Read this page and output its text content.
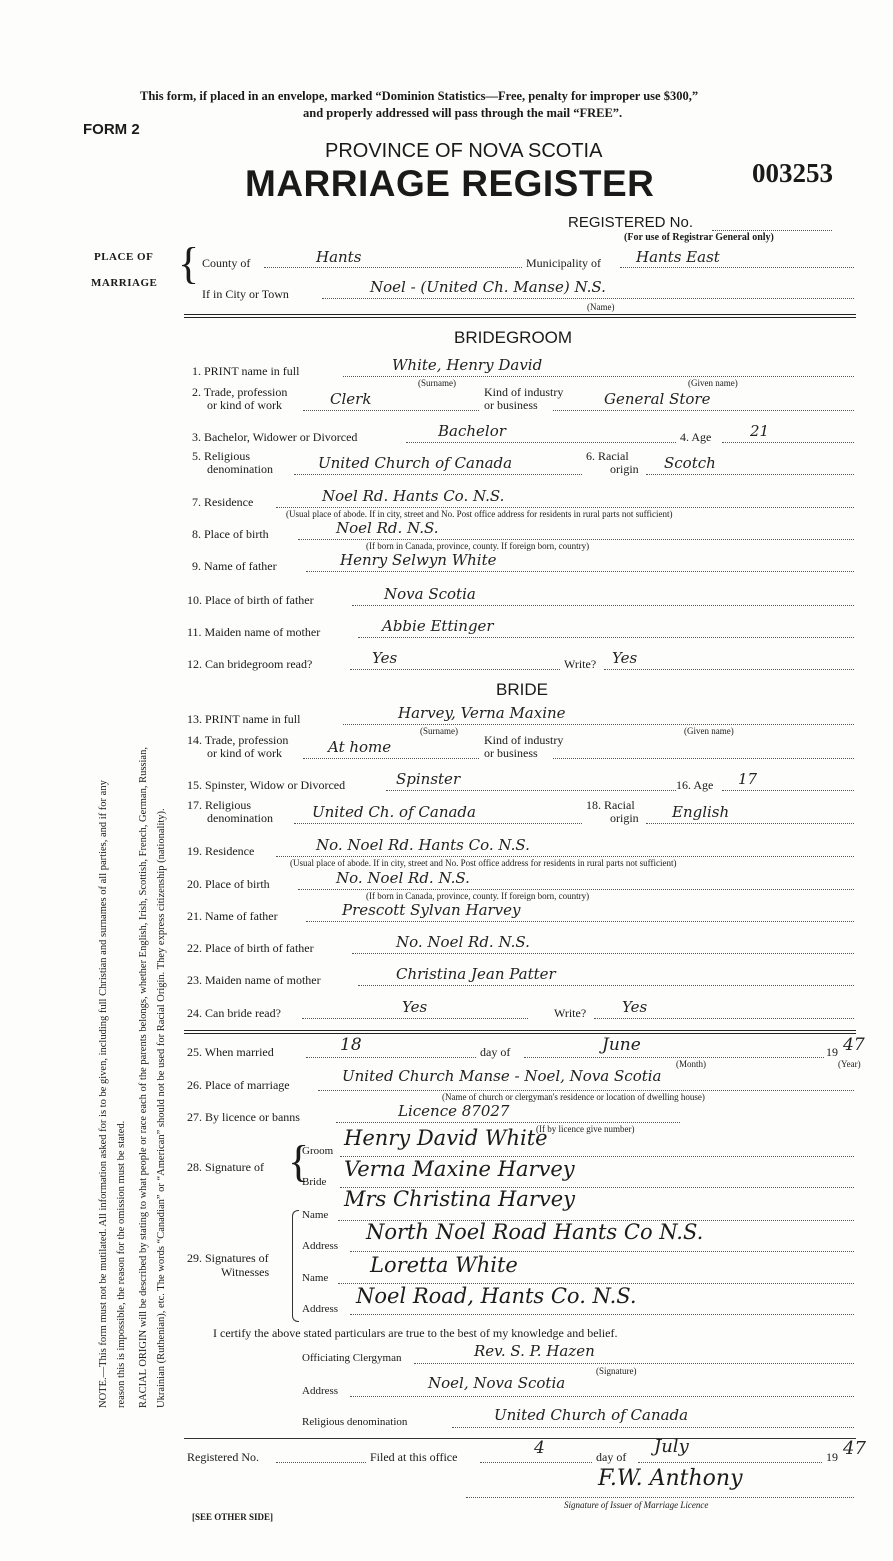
This form, if placed in an envelope, marked “Dominion Statistics—Free, penalty for improper use $300,”
and properly addressed will pass through the mail “FREE”.
FORM 2
PROVINCE OF NOVA SCOTIA
MARRIAGE REGISTER	003253
REGISTERED No.
(For use of Registrar General only)
PLACE OF
MARRIAGE { County of	Hants	Municipality of Hants East
If in City or Town	Noel - (United Ch. Manse) N.S.
(Name)
BRIDEGROOM
1. PRINT name in full	White, Henry David
(Surname)	(Given name)
2. Trade, profession
or kind of work	Clerk	Kind of industry
or business	General Store
3. Bachelor, Widower or Divorced	Bachelor	4. Age	21
5. Religious
denomination	United Church of Canada	6. Racial
origin Scotch
7. Residence	Noel Rd. Hants Co. N.S.
(Usual place of abode. If in city, street and No. Post office address for residents in rural parts not sufficient)
8. Place of birth	Noel Rd. N.S.
(If born in Canada, province, county. If foreign born, country)
9. Name of father	Henry Selwyn White
10. Place of birth of father	Nova Scotia
11. Maiden name of mother	Abbie Ettinger
12. Can bridegroom read?	Yes	Write? Yes
BRIDE
13. PRINT name in full	Harvey, Verna Maxine
(Surname)	(Given name)
14. Trade, profession
or kind of work	At home	Kind of industry
or business
15. Spinster, Widow or Divorced	Spinster	16. Age 17
17. Religious
denomination	United Ch. of Canada	18. Racial
origin English
19. Residence	No. Noel Rd. Hants Co. N.S.
(Usual place of abode. If in city, street and No. Post office address for residents in rural parts not sufficient)
20. Place of birth	No. Noel Rd. N.S.
(If born in Canada, province, county. If foreign born, country)
21. Name of father	Prescott Sylvan Harvey
22. Place of birth of father	No. Noel Rd. N.S.
23. Maiden name of mother	Christina Jean Patter
24. Can bride read?	Yes	Write? Yes
25. When married	18	day of	June
(Month)
19 47
(Year)
26. Place of marriage	United Church Manse - Noel, Nova Scotia
(Name of church or clergyman's residence or location of dwelling house)
27. By licence or banns	Licence 87027
(If by licence give number)
28. Signature of {
Groom
Henry David White
Bride
Verna Maxine Harvey
29. Signatures of
Witnesses
Name
Mrs Christina Harvey
Address
North Noel Road Hants Co N.S.
Name
Loretta White
Address
Noel Road, Hants Co. N.S.
I certify the above stated particulars are true to the best of my knowledge and belief.
Officiating Clergyman	Rev. S. P. Hazen
(Signature)
Address	Noel, Nova Scotia
Religious denomination	United Church of Canada
Registered No.	Filed at this office	4	day of July	19 47
F.W. Anthony
Signature of Issuer of Marriage Licence
[SEE OTHER SIDE]
NOTE.—This form must not be mutilated. All information asked for is to be given, including full Christian and surnames of all parties, and if for any reason this is impossible, the reason for the omission must be stated. RACIAL ORIGIN will be described by stating to what people or race each of the parents belongs, whether English, Irish, Scottish, French, German, Russian, Ukrainian (Ruthenian), etc. The words “Canadian” or “American” should not be used for Racial Origin. They express citizenship (nationality).
